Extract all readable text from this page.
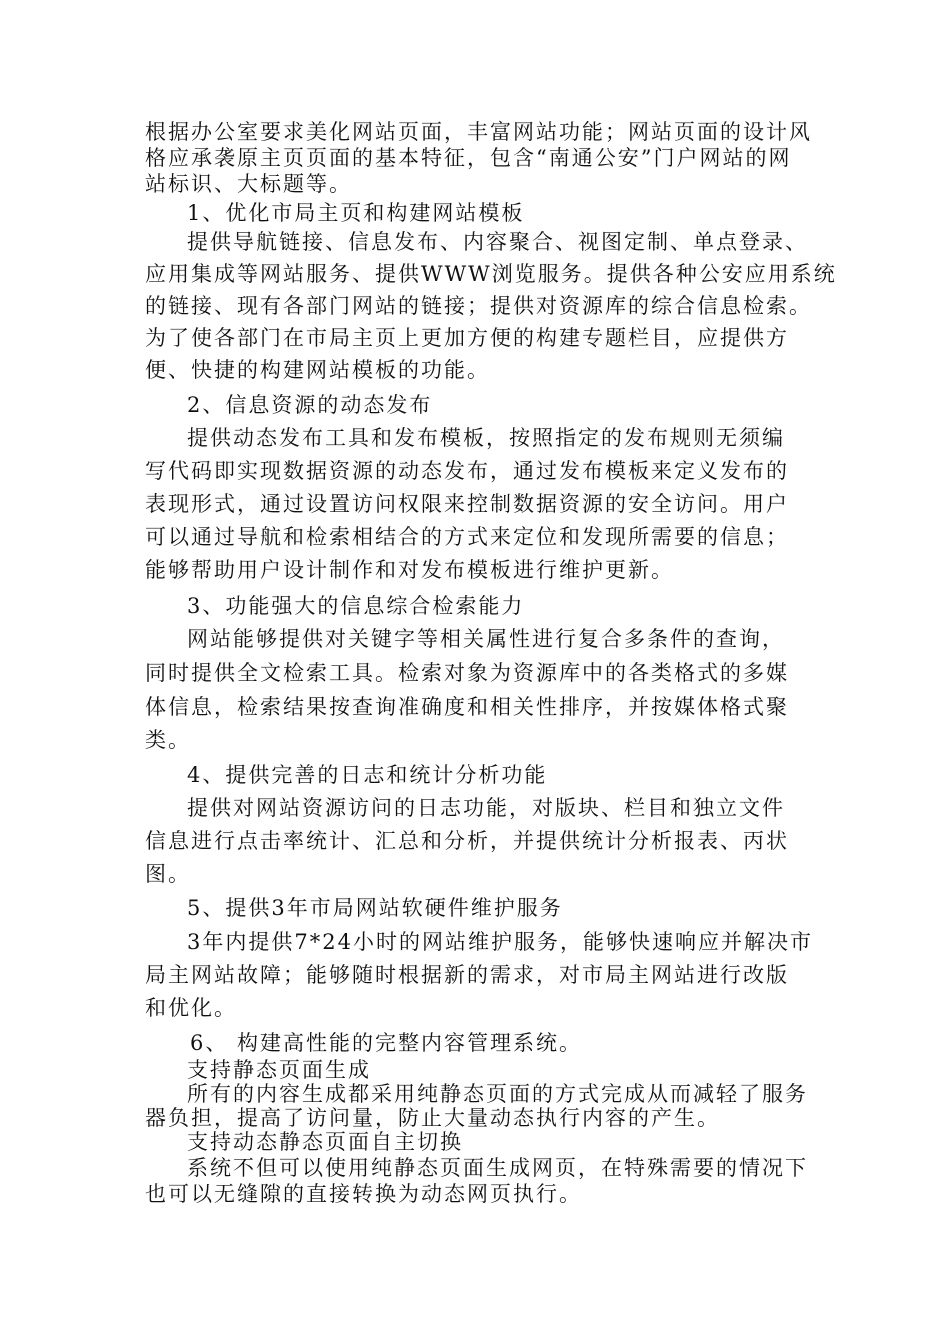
根据办公室要求美化网站页面，丰富网站功能；网站页面的设计风
格应承袭原主页页面的基本特征，包含“南通公安”门户网站的网
站标识、大标题等。
1、优化市局主页和构建网站模板
提供导航链接、信息发布、内容聚合、视图定制、单点登录、
应用集成等网站服务、提供WWW浏览服务。提供各种公安应用系统
的链接、现有各部门网站的链接；提供对资源库的综合信息检索。
为了使各部门在市局主页上更加方便的构建专题栏目，应提供方
便、快捷的构建网站模板的功能。
2、信息资源的动态发布
提供动态发布工具和发布模板，按照指定的发布规则无须编
写代码即实现数据资源的动态发布，通过发布模板来定义发布的
表现形式，通过设置访问权限来控制数据资源的安全访问。用户
可以通过导航和检索相结合的方式来定位和发现所需要的信息；
能够帮助用户设计制作和对发布模板进行维护更新。
3、功能强大的信息综合检索能力
网站能够提供对关键字等相关属性进行复合多条件的查询，
同时提供全文检索工具。检索对象为资源库中的各类格式的多媒
体信息，检索结果按查询准确度和相关性排序，并按媒体格式聚
类。
4、提供完善的日志和统计分析功能
提供对网站资源访问的日志功能，对版块、栏目和独立文件
信息进行点击率统计、汇总和分析，并提供统计分析报表、丙状
图。
5、提供3年市局网站软硬件维护服务
3年内提供7*24小时的网站维护服务，能够快速响应并解决市
局主网站故障；能够随时根据新的需求，对市局主网站进行改版
和优化。
6、 构建高性能的完整内容管理系统。
支持静态页面生成
所有的内容生成都采用纯静态页面的方式完成从而减轻了服务
器负担，提高了访问量，防止大量动态执行内容的产生。
支持动态静态页面自主切换
系统不但可以使用纯静态页面生成网页，在特殊需要的情况下
也可以无缝隙的直接转换为动态网页执行。
